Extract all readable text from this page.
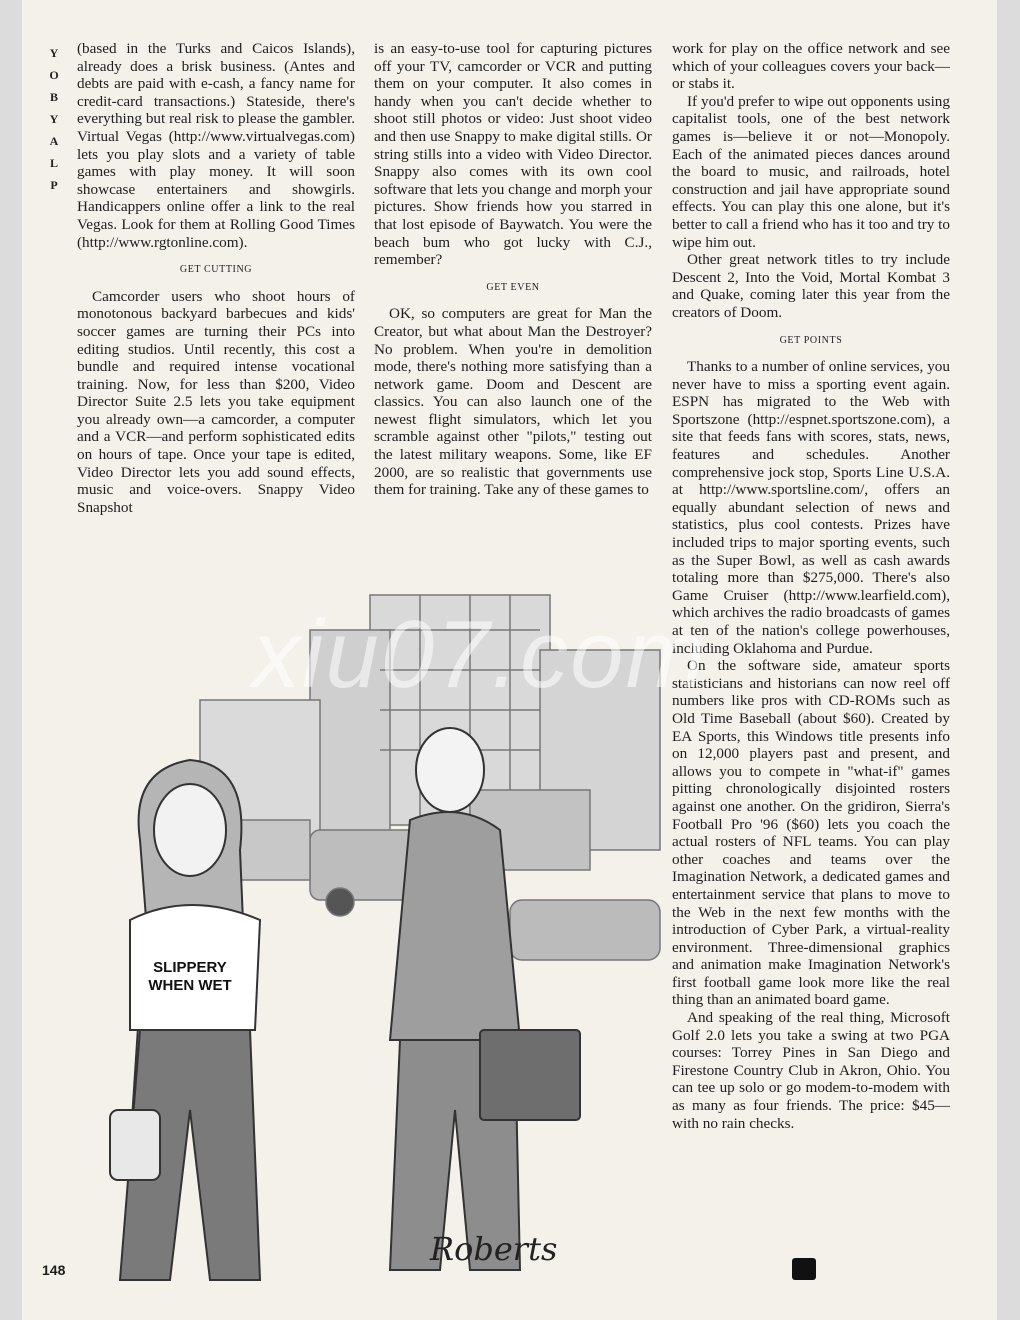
Y
O
B
Y
A
L
P

(based in the Turks and Caicos Islands), already does a brisk business. (Antes and debts are paid with e-cash, a fancy name for credit-card transactions.) Stateside, there's everything but real risk to please the gambler. Virtual Vegas (http://www.virtualvegas.com) lets you play slots and a variety of table games with play money. It will soon showcase entertainers and showgirls. Handicappers online offer a link to the real Vegas. Look for them at Rolling Good Times (http://www.rgtonline.com).

GET CUTTING

Camcorder users who shoot hours of monotonous backyard barbecues and kids' soccer games are turning their PCs into editing studios. Until recently, this cost a bundle and required intense vocational training. Now, for less than $200, Video Director Suite 2.5 lets you take equipment you already own—a camcorder, a computer and a VCR—and perform sophisticated edits on hours of tape. Once your tape is edited, Video Director lets you add sound effects, music and voice-overs. Snappy Video Snapshot

is an easy-to-use tool for capturing pictures off your TV, camcorder or VCR and putting them on your computer. It also comes in handy when you can't decide whether to shoot still photos or video: Just shoot video and then use Snappy to make digital stills. Or string stills into a video with Video Director. Snappy also comes with its own cool software that lets you change and morph your pictures. Show friends how you starred in that lost episode of Baywatch. You were the beach bum who got lucky with C.J., remember?

GET EVEN

OK, so computers are great for Man the Creator, but what about Man the Destroyer? No problem. When you're in demolition mode, there's nothing more satisfying than a network game. Doom and Descent are classics. You can also launch one of the newest flight simulators, which let you scramble against other "pilots," testing out the latest military weapons. Some, like EF 2000, are so realistic that governments use them for training. Take any of these games to

work for play on the office network and see which of your colleagues covers your back—or stabs it.

If you'd prefer to wipe out opponents using capitalist tools, one of the best network games is—believe it or not—Monopoly. Each of the animated pieces dances around the board to music, and railroads, hotel construction and jail have appropriate sound effects. You can play this one alone, but it's better to call a friend who has it too and try to wipe him out.

Other great network titles to try include Descent 2, Into the Void, Mortal Kombat 3 and Quake, coming later this year from the creators of Doom.

GET POINTS

Thanks to a number of online services, you never have to miss a sporting event again. ESPN has migrated to the Web with Sportszone (http://espnet.sportszone.com), a site that feeds fans with scores, stats, news, features and schedules. Another comprehensive jock stop, Sports Line U.S.A. at http://www.sportsline.com/, offers an equally abundant selection of news and statistics, plus cool contests. Prizes have included trips to major sporting events, such as the Super Bowl, as well as cash awards totaling more than $275,000. There's also Game Cruiser (http://www.learfield.com), which archives the radio broadcasts of games at ten of the nation's college powerhouses, including Oklahoma and Purdue.

On the software side, amateur sports statisticians and historians can now reel off numbers like pros with CD-ROMs such as Old Time Baseball (about $60). Created by EA Sports, this Windows title presents info on 12,000 players past and present, and allows you to compete in "what-if" games pitting chronologically disjointed rosters against one another. On the gridiron, Sierra's Football Pro '96 ($60) lets you coach the actual rosters of NFL teams. You can play other coaches and teams over the Imagination Network, a dedicated games and entertainment service that plans to move to the Web in the next few months with the introduction of Cyber Park, a virtual-reality environment. Three-dimensional graphics and animation make Imagination Network's first football game look more like the real thing than an animated board game.

And speaking of the real thing, Microsoft Golf 2.0 lets you take a swing at two PGA courses: Torrey Pines in San Diego and Firestone Country Club in Akron, Ohio. You can tee up solo or go modem-to-modem with as many as four friends. The price: $45—with no rain checks.

SLIPPERY
WHEN WET
Roberts
xiu07.com
148
